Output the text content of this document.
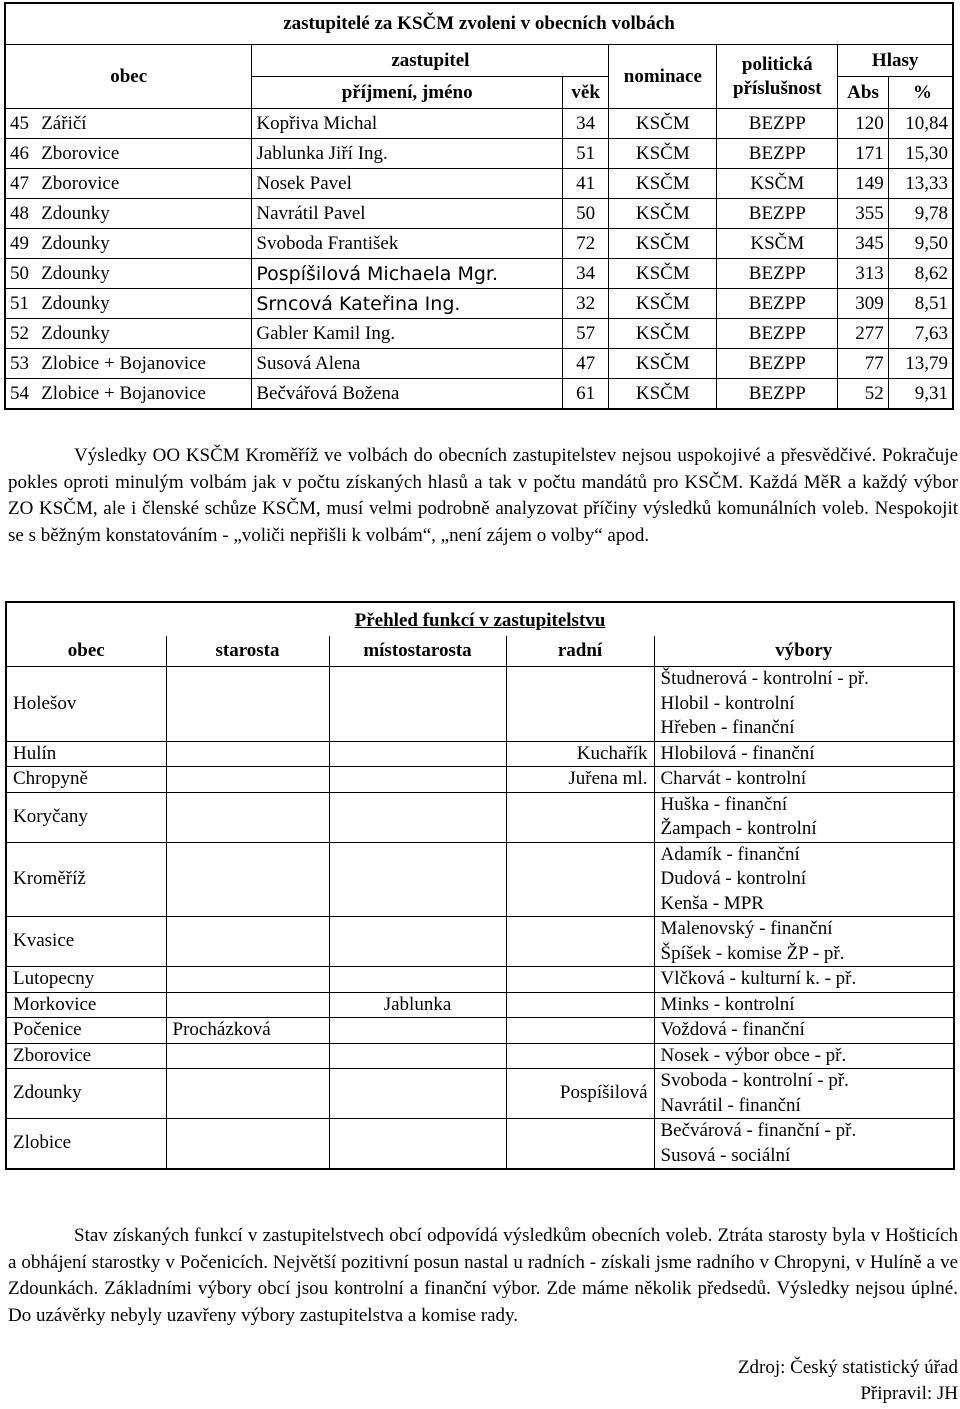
zastupitelé za KSČM zvoleni v obecních volbách							
obec		zastupitel		nominace	politická
příslušnost	Hlasy	
		příjmení, jméno	věk			Abs	%
45	Zářičí	Kopřiva Michal	34	KSČM	BEZPP	120	10,84
46	Zborovice	Jablunka Jiří Ing.	51	KSČM	BEZPP	171	15,30
47	Zborovice	Nosek Pavel	41	KSČM	KSČM	149	13,33
48	Zdounky	Navrátil Pavel	50	KSČM	BEZPP	355	9,78
49	Zdounky	Svoboda František	72	KSČM	KSČM	345	9,50
50	Zdounky	Pospíšilová Michaela Mgr.	34	KSČM	BEZPP	313	8,62
51	Zdounky	Srncová Kateřina Ing.	32	KSČM	BEZPP	309	8,51
52	Zdounky	Gabler Kamil Ing.	57	KSČM	BEZPP	277	7,63
53	Zlobice + Bojanovice	Susová Alena	47	KSČM	BEZPP	77	13,79
54	Zlobice + Bojanovice	Bečvářová Božena	61	KSČM	BEZPP	52	9,31

Výsledky OO KSČM Kroměříž ve volbách do obecních zastupitelstev nejsou uspokojivé a přesvědčivé. Pokračuje pokles oproti minulým volbám jak v počtu získaných hlasů a tak v počtu mandátů pro KSČM. Každá MěR a každý výbor ZO KSČM, ale i členské schůze KSČM, musí velmi podrobně analyzovat příčiny výsledků komunálních voleb. Nespokojit se s běžným konstatováním - „voliči nepřišli k volbám“, „není zájem o volby“ apod.

Přehled funkcí v zastupitelstvu				
obec	starosta	místostarosta	radní	výbory
Holešov				Študnerová - kontrolní - př.
Hlobil - kontrolní
Hřeben - finanční

Hulín			Kuchařík	Hlobilová - finanční

Chropyně			Juřena ml.	Charvát - kontrolní

Koryčany				Huška - finanční
Žampach - kontrolní

Kroměříž				Adamík - finanční
Dudová - kontrolní
Kenša - MPR

Kvasice				Malenovský - finanční
Špíšek - komise ŽP - př.

Lutopecny				Vlčková - kulturní k. - př.

Morkovice		Jablunka		Minks - kontrolní

Počenice	Procházková			Voždová - finanční

Zborovice				Nosek - výbor obce - př.

Zdounky			Pospíšilová	Svoboda - kontrolní - př.
Navrátil - finanční

Zlobice				Bečvárová - finanční - př.
Susová - sociální

Stav získaných funkcí v zastupitelstvech obcí odpovídá výsledkům obecních voleb. Ztráta starosty byla v Hošticích a obhájení starostky v Počenicích. Největší pozitivní posun nastal u radních - získali jsme radního v Chropyni, v Hulíně a ve Zdounkách. Základními výbory obcí jsou kontrolní a finanční výbor. Zde máme několik předsedů. Výsledky nejsou úplné. Do uzávěrky nebyly uzavřeny výbory zastupitelstva a komise rady.

Zdroj: Český statistický úřad
Připravil: JH
